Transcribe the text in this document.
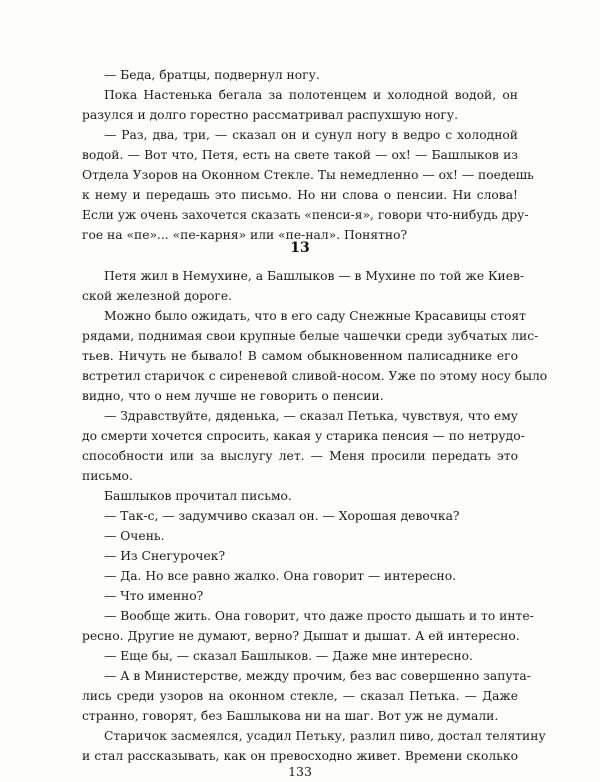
— Беда, братцы, подвернул ногу.
Пока Настенька бегала за полотенцем и холодной водой, он
разулся и долго горестно рассматривал распухшую ногу.
— Раз, два, три, — сказал он и сунул ногу в ведро с холодной
водой. — Вот что, Петя, есть на свете такой — ох! — Башлыков из
Отдела Узоров на Оконном Стекле. Ты немедленно — ох! — поедешь
к нему и передашь это письмо. Но ни слова о пенсии. Ни слова!
Если уж очень захочется сказать «пенси-я», говори что-нибудь дру-
гое на «пе»... «пе-карня» или «пе-нал». Понятно?
13
Петя жил в Немухине, а Башлыков — в Мухине по той же Киев-
ской железной дороге.
Можно было ожидать, что в его саду Снежные Красавицы стоят
рядами, поднимая свои крупные белые чашечки среди зубчатых лис-
тьев. Ничуть не бывало! В самом обыкновенном палисаднике его
встретил старичок с сиреневой сливой-носом. Уже по этому носу было
видно, что о нем лучше не говорить о пенсии.
— Здравствуйте, дяденька, — сказал Петька, чувствуя, что ему
до смерти хочется спросить, какая у старика пенсия — по нетрудо-
способности или за выслугу лет. — Меня просили передать это
письмо.
Башлыков прочитал письмо.
— Так-с, — задумчиво сказал он. — Хорошая девочка?
— Очень.
— Из Снегурочек?
— Да. Но все равно жалко. Она говорит — интересно.
— Что именно?
— Вообще жить. Она говорит, что даже просто дышать и то инте-
ресно. Другие не думают, верно? Дышат и дышат. А ей интересно.
— Еще бы, — сказал Башлыков. — Даже мне интересно.
— А в Министерстве, между прочим, без вас совершенно запута-
лись среди узоров на оконном стекле, — сказал Петька. — Даже
странно, говорят, без Башлыкова ни на шаг. Вот уж не думали.
Старичок засмеялся, усадил Петьку, разлил пиво, достал телятину
и стал рассказывать, как он превосходно живет. Времени сколько
133
